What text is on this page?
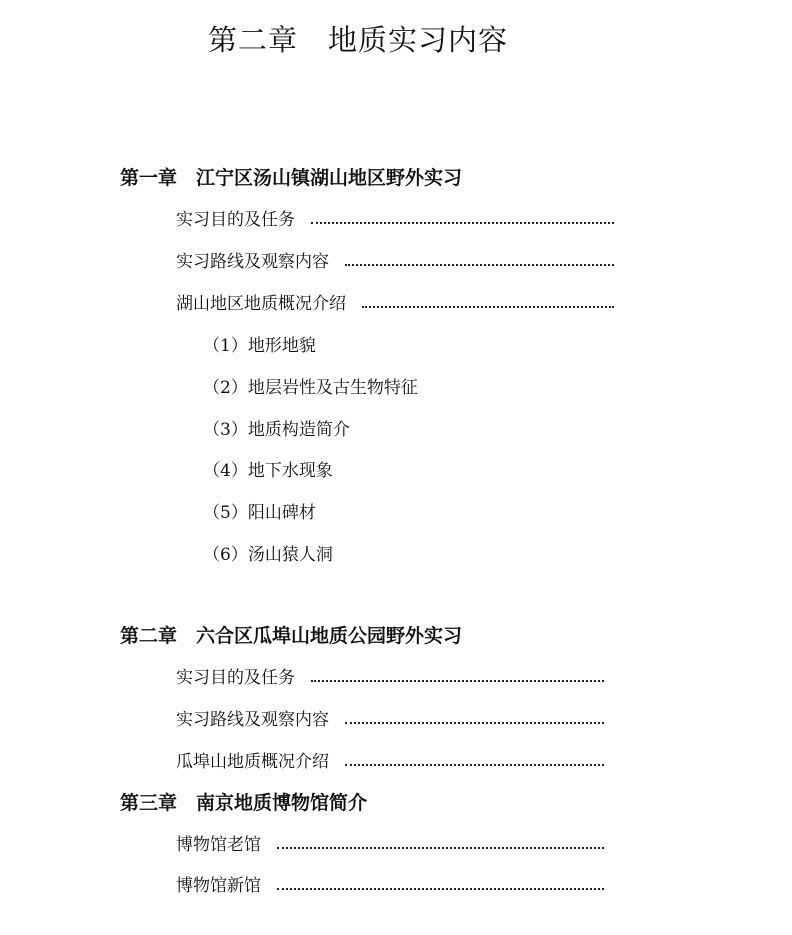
第二章　地质实习内容
第一章　江宁区汤山镇湖山地区野外实习
实习目的及任务
实习路线及观察内容
湖山地区地质概况介绍
（1）地形地貌
（2）地层岩性及古生物特征
（3）地质构造简介
（4）地下水现象
（5）阳山碑材
（6）汤山猿人洞
第二章　六合区瓜埠山地质公园野外实习
实习目的及任务
实习路线及观察内容
瓜埠山地质概况介绍
第三章　南京地质博物馆简介
博物馆老馆
博物馆新馆
